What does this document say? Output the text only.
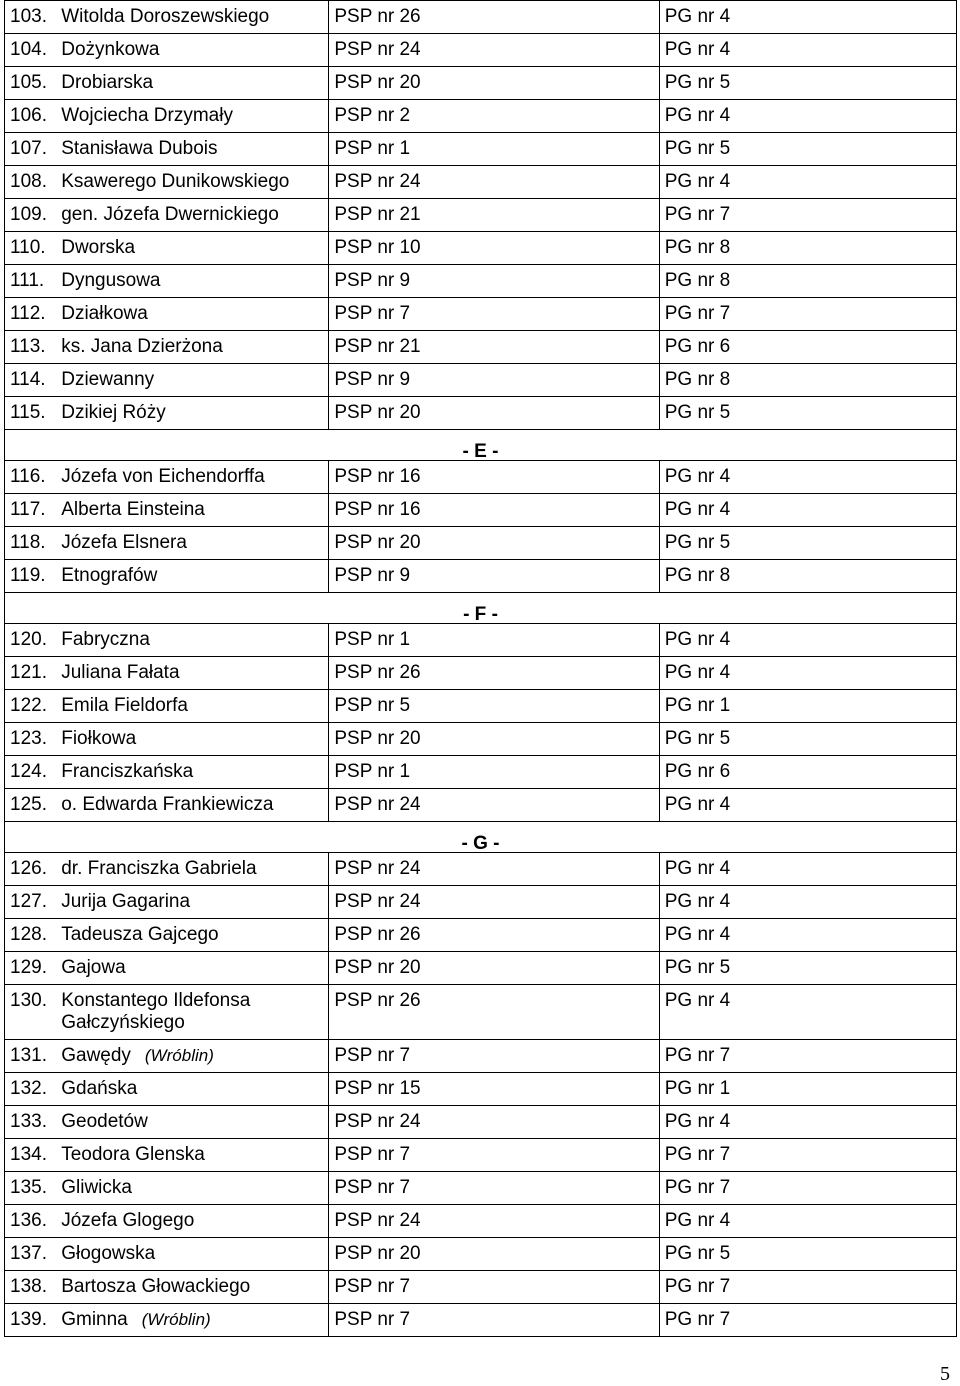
103.	Witolda Doroszewskiego	PSP nr 26	PG nr 4
104.	Dożynkowa	PSP nr 24	PG nr 4
105.	Drobiarska	PSP nr 20	PG nr 5
106.	Wojciecha Drzymały	PSP nr 2	PG nr 4
107.	Stanisława Dubois	PSP nr 1	PG nr 5
108.	Ksawerego Dunikowskiego	PSP nr 24	PG nr 4
109.	gen. Józefa Dwernickiego	PSP nr 21	PG nr 7
110.	Dworska	PSP nr 10	PG nr 8
111.	Dyngusowa	PSP nr 9	PG nr 8
112.	Działkowa	PSP nr 7	PG nr 7
113.	ks. Jana Dzierżona	PSP nr 21	PG nr 6
114.	Dziewanny	PSP nr 9	PG nr 8
115.	Dzikiej Róży	PSP nr 20	PG nr 5
- E -			
116.	Józefa von Eichendorffa	PSP nr 16	PG nr 4
117.	Alberta Einsteina	PSP nr 16	PG nr 4
118.	Józefa Elsnera	PSP nr 20	PG nr 5
119.	Etnografów	PSP nr 9	PG nr 8
- F -			
120.	Fabryczna	PSP nr 1	PG nr 4
121.	Juliana Fałata	PSP nr 26	PG nr 4
122.	Emila Fieldorfa	PSP nr 5	PG nr 1
123.	Fiołkowa	PSP nr 20	PG nr 5
124.	Franciszkańska	PSP nr 1	PG nr 6
125.	o. Edwarda Frankiewicza	PSP nr 24	PG nr 4
- G -			
126.	dr. Franciszka Gabriela	PSP nr 24	PG nr 4
127.	Jurija Gagarina	PSP nr 24	PG nr 4
128.	Tadeusza Gajcego	PSP nr 26	PG nr 4
129.	Gajowa	PSP nr 20	PG nr 5
130.	Konstantego Ildefonsa Gałczyńskiego	PSP nr 26	PG nr 4
131.	Gawędy (Wróblin)	PSP nr 7	PG nr 7
132.	Gdańska	PSP nr 15	PG nr 1
133.	Geodetów	PSP nr 24	PG nr 4
134.	Teodora Glenska	PSP nr 7	PG nr 7
135.	Gliwicka	PSP nr 7	PG nr 7
136.	Józefa Glogego	PSP nr 24	PG nr 4
137.	Głogowska	PSP nr 20	PG nr 5
138.	Bartosza Głowackiego	PSP nr 7	PG nr 7
139.	Gminna (Wróblin)	PSP nr 7	PG nr 7
5
